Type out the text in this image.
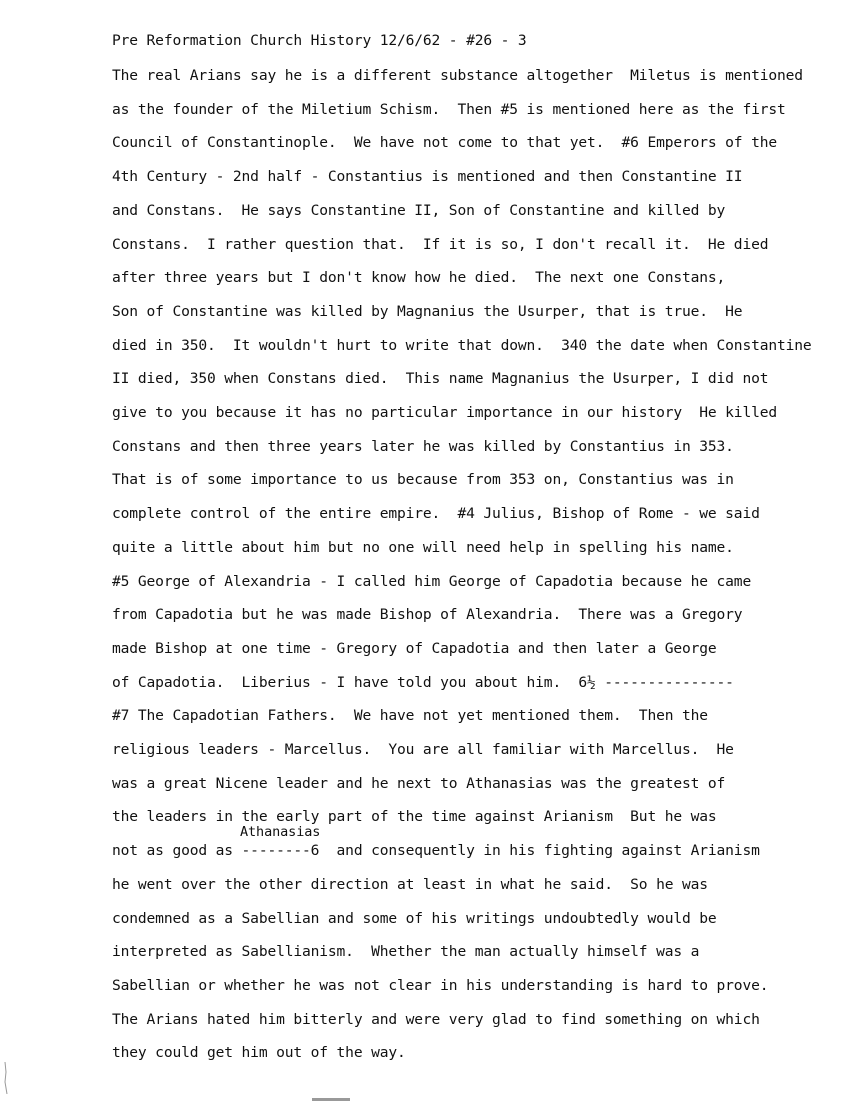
Pre Reformation Church History 12/6/62 - #26 - 3
Athanasias
The real Arians say he is a different substance altogether  Miletus is mentioned
as the founder of the Miletium Schism.  Then #5 is mentioned here as the first
Council of Constantinople.  We have not come to that yet.  #6 Emperors of the
4th Century - 2nd half - Constantius is mentioned and then Constantine II
and Constans.  He says Constantine II, Son of Constantine and killed by
Constans.  I rather question that.  If it is so, I don't recall it.  He died
after three years but I don't know how he died.  The next one Constans,
Son of Constantine was killed by Magnanius the Usurper, that is true.  He
died in 350.  It wouldn't hurt to write that down.  340 the date when Constantine
II died, 350 when Constans died.  This name Magnanius the Usurper, I did not
give to you because it has no particular importance in our history  He killed
Constans and then three years later he was killed by Constantius in 353.
That is of some importance to us because from 353 on, Constantius was in
complete control of the entire empire.  #4 Julius, Bishop of Rome - we said
quite a little about him but no one will need help in spelling his name.
#5 George of Alexandria - I called him George of Capadotia because he came
from Capadotia but he was made Bishop of Alexandria.  There was a Gregory
made Bishop at one time - Gregory of Capadotia and then later a George
of Capadotia.  Liberius - I have told you about him.  6½ ---------------
#7 The Capadotian Fathers.  We have not yet mentioned them.  Then the
religious leaders - Marcellus.  You are all familiar with Marcellus.  He
was a great Nicene leader and he next to Athanasias was the greatest of
the leaders in the early part of the time against Arianism  But he was
not as good as --------6  and consequently in his fighting against Arianism
he went over the other direction at least in what he said.  So he was
condemned as a Sabellian and some of his writings undoubtedly would be
interpreted as Sabellianism.  Whether the man actually himself was a
Sabellian or whether he was not clear in his understanding is hard to prove.
The Arians hated him bitterly and were very glad to find something on which
they could get him out of the way.
